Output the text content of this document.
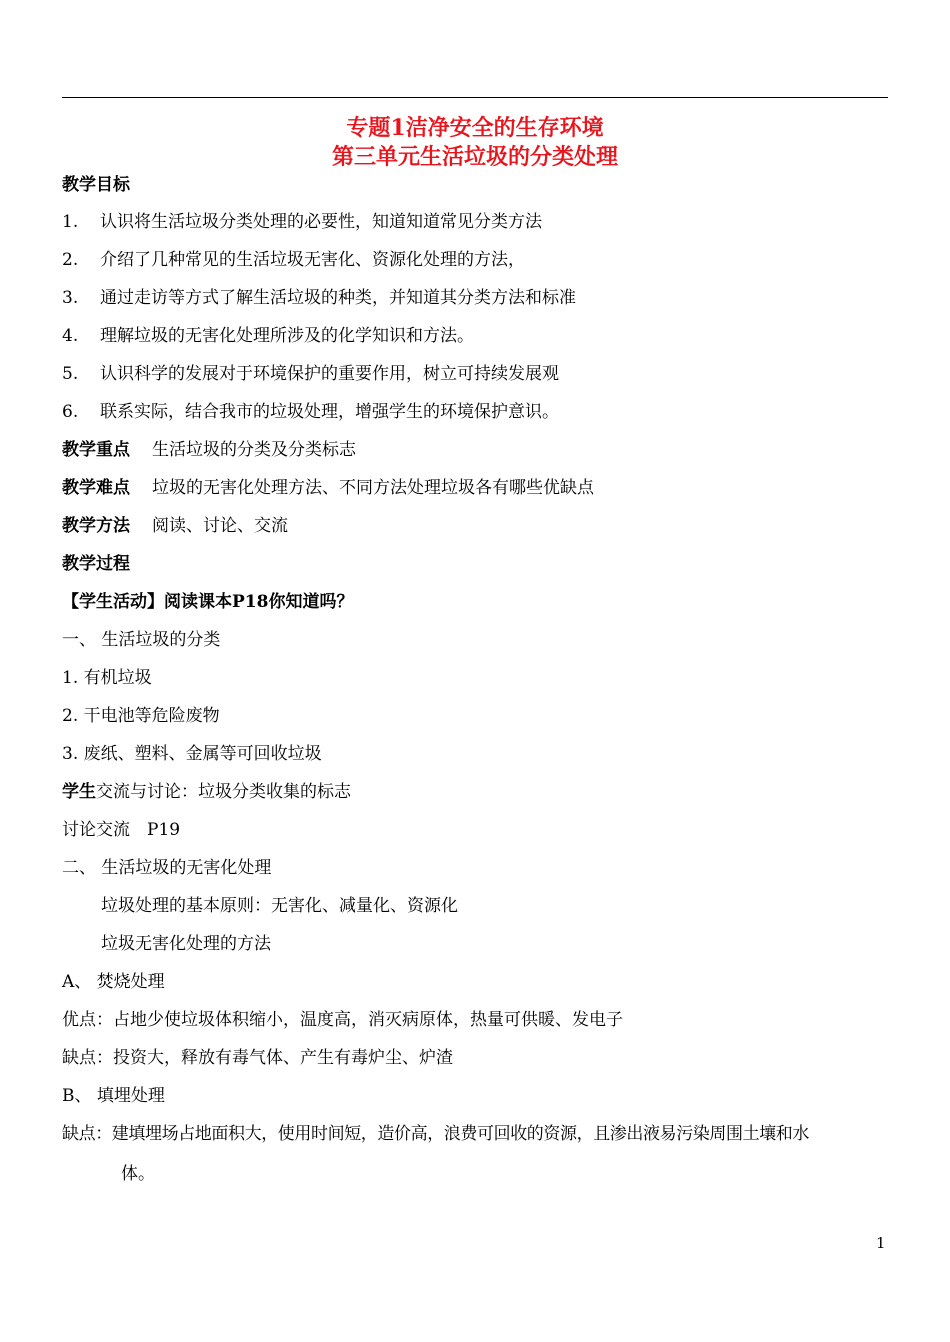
专题1洁净安全的生存环境
第三单元生活垃圾的分类处理
教学目标
1. 认识将生活垃圾分类处理的必要性，知道知道常见分类方法
2. 介绍了几种常见的生活垃圾无害化、资源化处理的方法，
3. 通过走访等方式了解生活垃圾的种类，并知道其分类方法和标准
4. 理解垃圾的无害化处理所涉及的化学知识和方法。
5. 认识科学的发展对于环境保护的重要作用，树立可持续发展观
6. 联系实际，结合我市的垃圾处理，增强学生的环境保护意识。
教学重点 生活垃圾的分类及分类标志
教学难点 垃圾的无害化处理方法、不同方法处理垃圾各有哪些优缺点
教学方法 阅读、讨论、交流
教学过程
【学生活动】阅读课本P18你知道吗？
一、 生活垃圾的分类
1. 有机垃圾
2. 干电池等危险废物
3. 废纸、塑料、金属等可回收垃圾
学生交流与讨论：垃圾分类收集的标志
讨论交流　P19
二、 生活垃圾的无害化处理
垃圾处理的基本原则：无害化、减量化、资源化
垃圾无害化处理的方法
A、 焚烧处理
优点：占地少使垃圾体积缩小，温度高，消灭病原体，热量可供暖、发电子
缺点：投资大，释放有毒气体、产生有毒炉尘、炉渣
B、 填埋处理
缺点：建填埋场占地面积大，使用时间短，造价高，浪费可回收的资源，且渗出液易污染周围土壤和水
体。
1
